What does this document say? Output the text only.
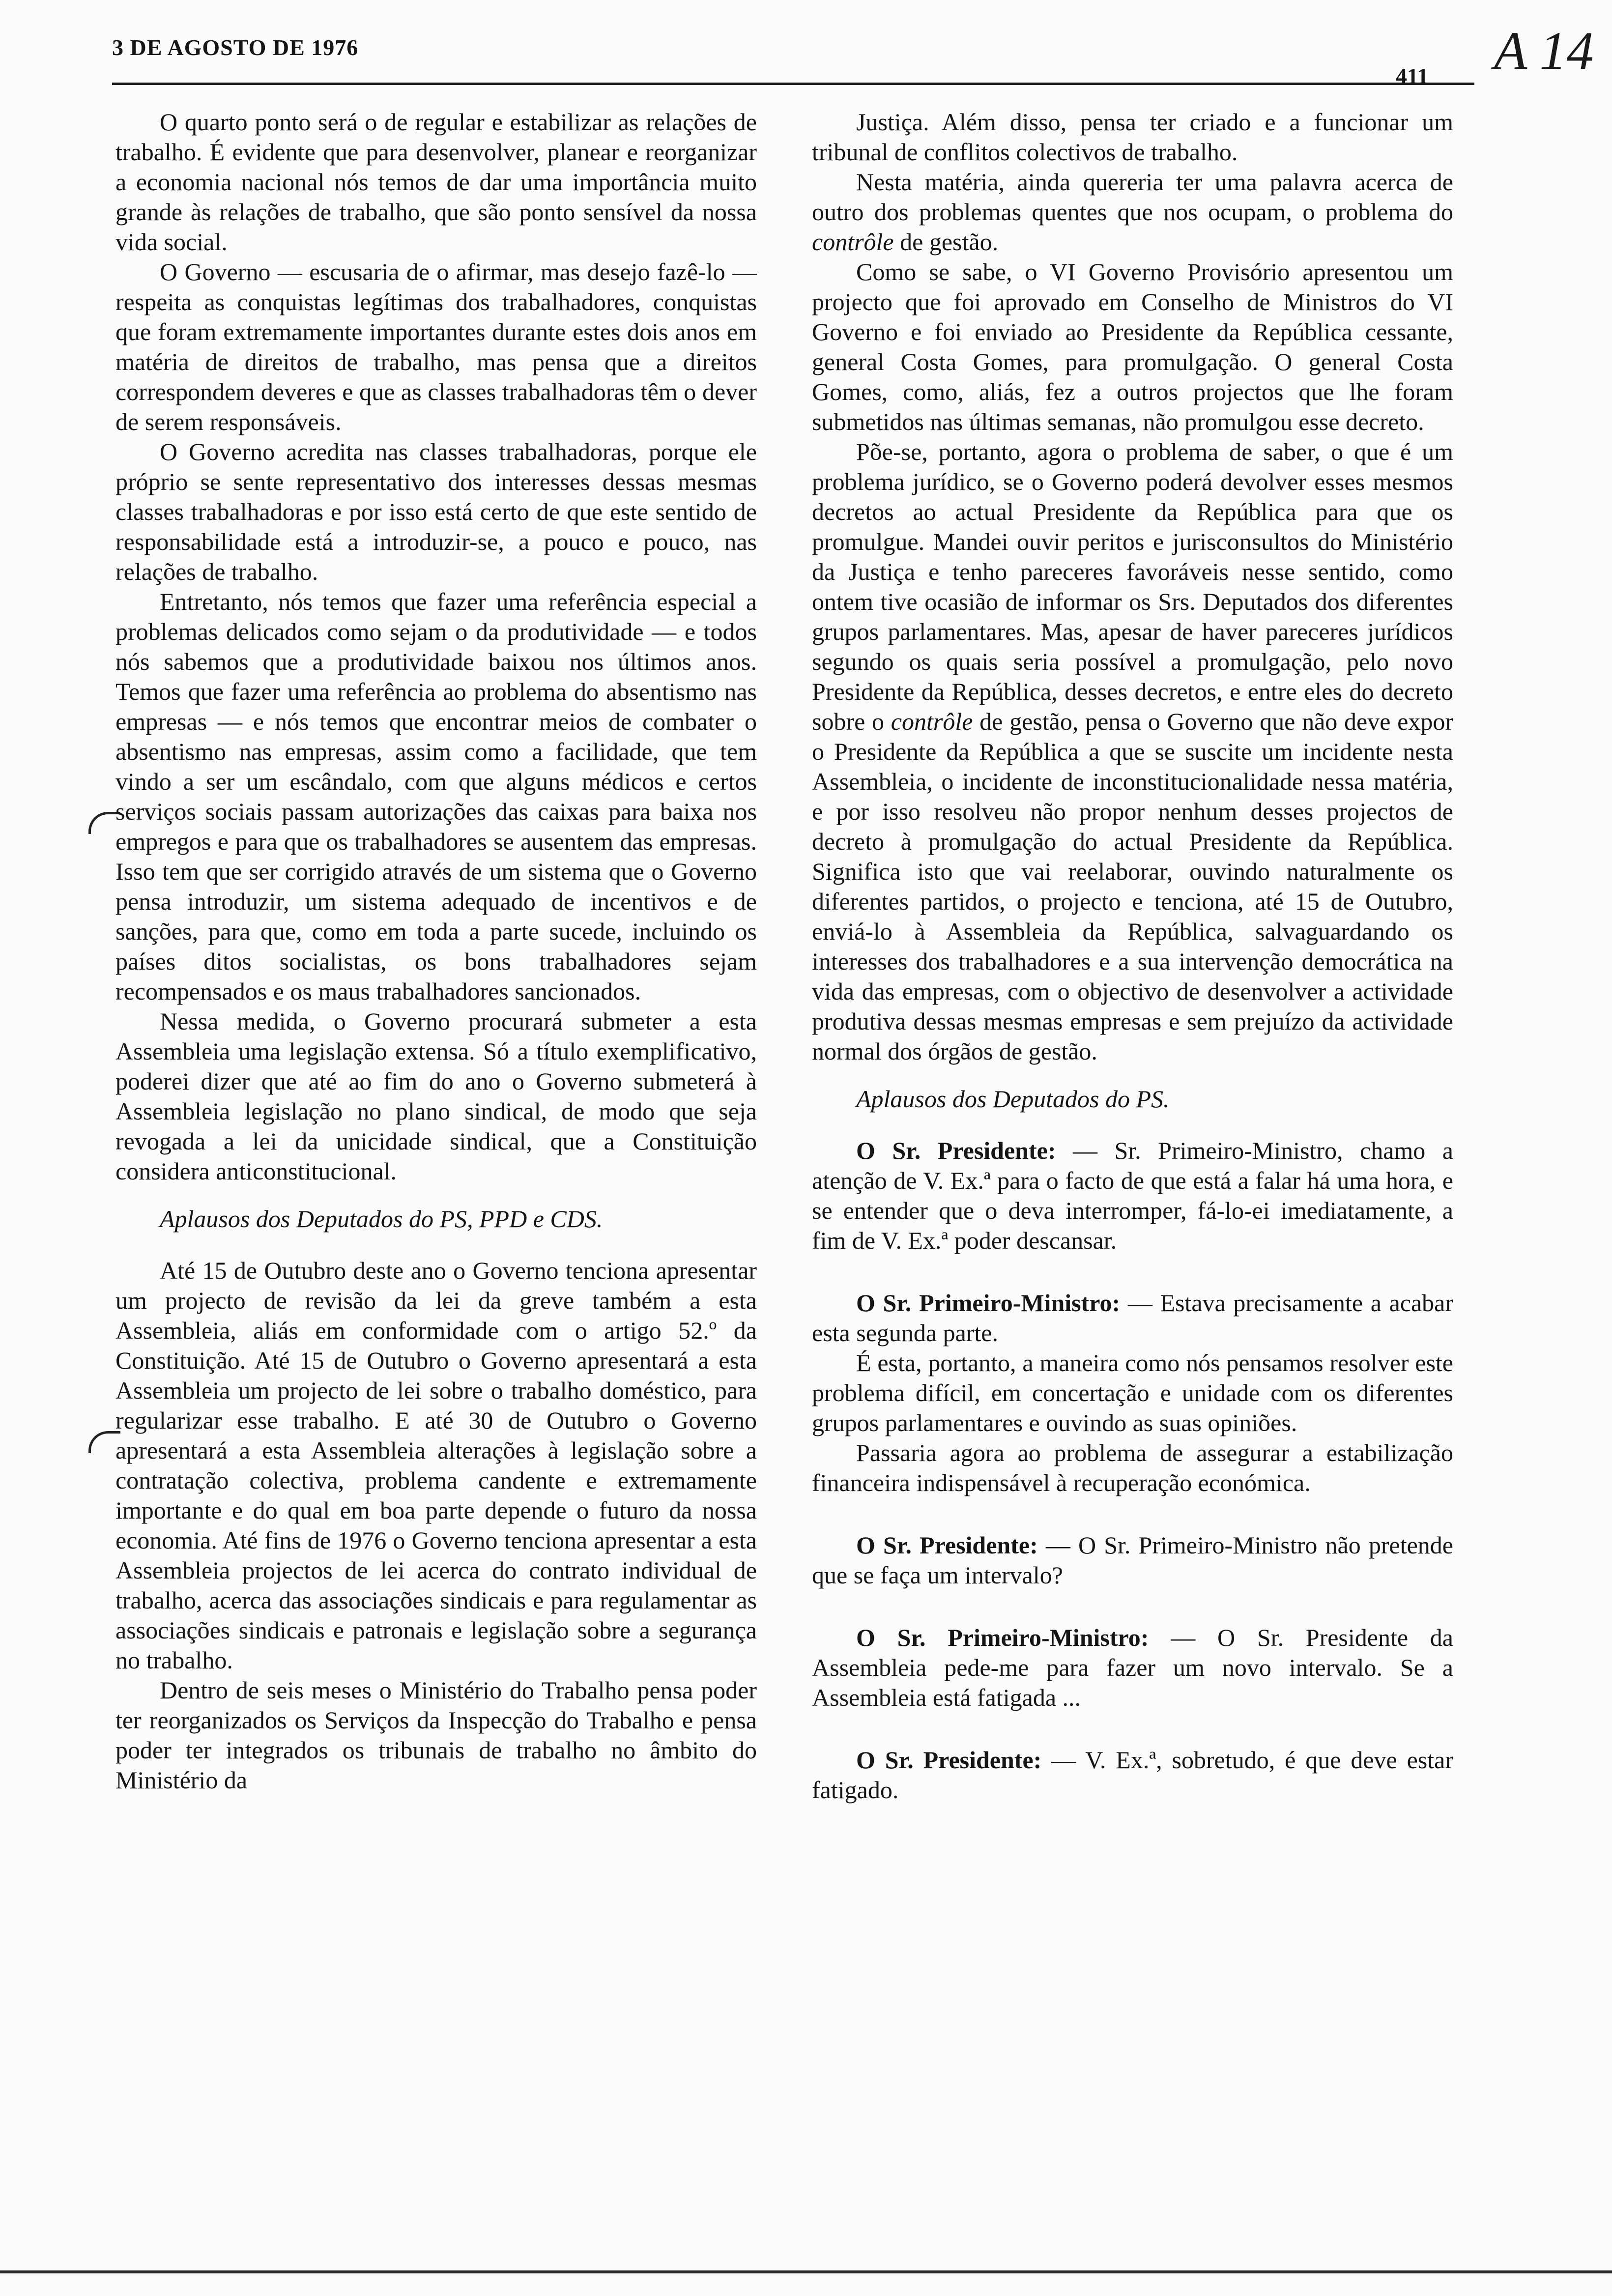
3 DE AGOSTO DE 1976
411 A 14

O quarto ponto será o de regular e estabilizar as relações de trabalho. É evidente que para desenvolver, planear e reorganizar a economia nacional nós temos de dar uma importância muito grande às relações de trabalho, que são ponto sensível da nossa vida social.

O Governo — escusaria de o afirmar, mas desejo fazê-lo — respeita as conquistas legítimas dos trabalhadores, conquistas que foram extremamente importantes durante estes dois anos em matéria de direitos de trabalho, mas pensa que a direitos correspondem deveres e que as classes trabalhadoras têm o dever de serem responsáveis.

O Governo acredita nas classes trabalhadoras, porque ele próprio se sente representativo dos interesses dessas mesmas classes trabalhadoras e por isso está certo de que este sentido de responsabilidade está a introduzir-se, a pouco e pouco, nas relações de trabalho.

Entretanto, nós temos que fazer uma referência especial a problemas delicados como sejam o da produtividade — e todos nós sabemos que a produtividade baixou nos últimos anos. Temos que fazer uma referência ao problema do absentismo nas empresas — e nós temos que encontrar meios de combater o absentismo nas empresas, assim como a facilidade, que tem vindo a ser um escândalo, com que alguns médicos e certos serviços sociais passam autorizações das caixas para baixa nos empregos e para que os trabalhadores se ausentem das empresas. Isso tem que ser corrigido através de um sistema que o Governo pensa introduzir, um sistema adequado de incentivos e de sanções, para que, como em toda a parte sucede, incluindo os países ditos socialistas, os bons trabalhadores sejam recompensados e os maus trabalhadores sancionados.

Nessa medida, o Governo procurará submeter a esta Assembleia uma legislação extensa. Só a título exemplificativo, poderei dizer que até ao fim do ano o Governo submeterá à Assembleia legislação no plano sindical, de modo que seja revogada a lei da unicidade sindical, que a Constituição considera anticonstitucional.

Aplausos dos Deputados do PS, PPD e CDS.

Até 15 de Outubro deste ano o Governo tenciona apresentar um projecto de revisão da lei da greve também a esta Assembleia, aliás em conformidade com o artigo 52.º da Constituição. Até 15 de Outubro o Governo apresentará a esta Assembleia um projecto de lei sobre o trabalho doméstico, para regularizar esse trabalho. E até 30 de Outubro o Governo apresentará a esta Assembleia alterações à legislação sobre a contratação colectiva, problema candente e extremamente importante e do qual em boa parte depende o futuro da nossa economia. Até fins de 1976 o Governo tenciona apresentar a esta Assembleia projectos de lei acerca do contrato individual de trabalho, acerca das associações sindicais e para regulamentar as associações sindicais e patronais e legislação sobre a segurança no trabalho.

Dentro de seis meses o Ministério do Trabalho pensa poder ter reorganizados os Serviços da Inspecção do Trabalho e pensa poder ter integrados os tribunais de trabalho no âmbito do Ministério da

Justiça. Além disso, pensa ter criado e a funcionar um tribunal de conflitos colectivos de trabalho.

Nesta matéria, ainda quereria ter uma palavra acerca de outro dos problemas quentes que nos ocupam, o problema do contrôle de gestão.

Como se sabe, o VI Governo Provisório apresentou um projecto que foi aprovado em Conselho de Ministros do VI Governo e foi enviado ao Presidente da República cessante, general Costa Gomes, para promulgação. O general Costa Gomes, como, aliás, fez a outros projectos que lhe foram submetidos nas últimas semanas, não promulgou esse decreto.

Põe-se, portanto, agora o problema de saber, o que é um problema jurídico, se o Governo poderá devolver esses mesmos decretos ao actual Presidente da República para que os promulgue. Mandei ouvir peritos e jurisconsultos do Ministério da Justiça e tenho pareceres favoráveis nesse sentido, como ontem tive ocasião de informar os Srs. Deputados dos diferentes grupos parlamentares. Mas, apesar de haver pareceres jurídicos segundo os quais seria possível a promulgação, pelo novo Presidente da República, desses decretos, e entre eles do decreto sobre o contrôle de gestão, pensa o Governo que não deve expor o Presidente da República a que se suscite um incidente nesta Assembleia, o incidente de inconstitucionalidade nessa matéria, e por isso resolveu não propor nenhum desses projectos de decreto à promulgação do actual Presidente da República. Significa isto que vai reelaborar, ouvindo naturalmente os diferentes partidos, o projecto e tenciona, até 15 de Outubro, enviá-lo à Assembleia da República, salvaguardando os interesses dos trabalhadores e a sua intervenção democrática na vida das empresas, com o objectivo de desenvolver a actividade produtiva dessas mesmas empresas e sem prejuízo da actividade normal dos órgãos de gestão.

Aplausos dos Deputados do PS.

O Sr. Presidente: — Sr. Primeiro-Ministro, chamo a atenção de V. Ex.ª para o facto de que está a falar há uma hora, e se entender que o deva interromper, fá-lo-ei imediatamente, a fim de V. Ex.ª poder descansar.

O Sr. Primeiro-Ministro: — Estava precisamente a acabar esta segunda parte.

É esta, portanto, a maneira como nós pensamos resolver este problema difícil, em concertação e unidade com os diferentes grupos parlamentares e ouvindo as suas opiniões.

Passaria agora ao problema de assegurar a estabilização financeira indispensável à recuperação económica.

O Sr. Presidente: — O Sr. Primeiro-Ministro não pretende que se faça um intervalo?

O Sr. Primeiro-Ministro: — O Sr. Presidente da Assembleia pede-me para fazer um novo intervalo. Se a Assembleia está fatigada ...

O Sr. Presidente: — V. Ex.ª, sobretudo, é que deve estar fatigado.
